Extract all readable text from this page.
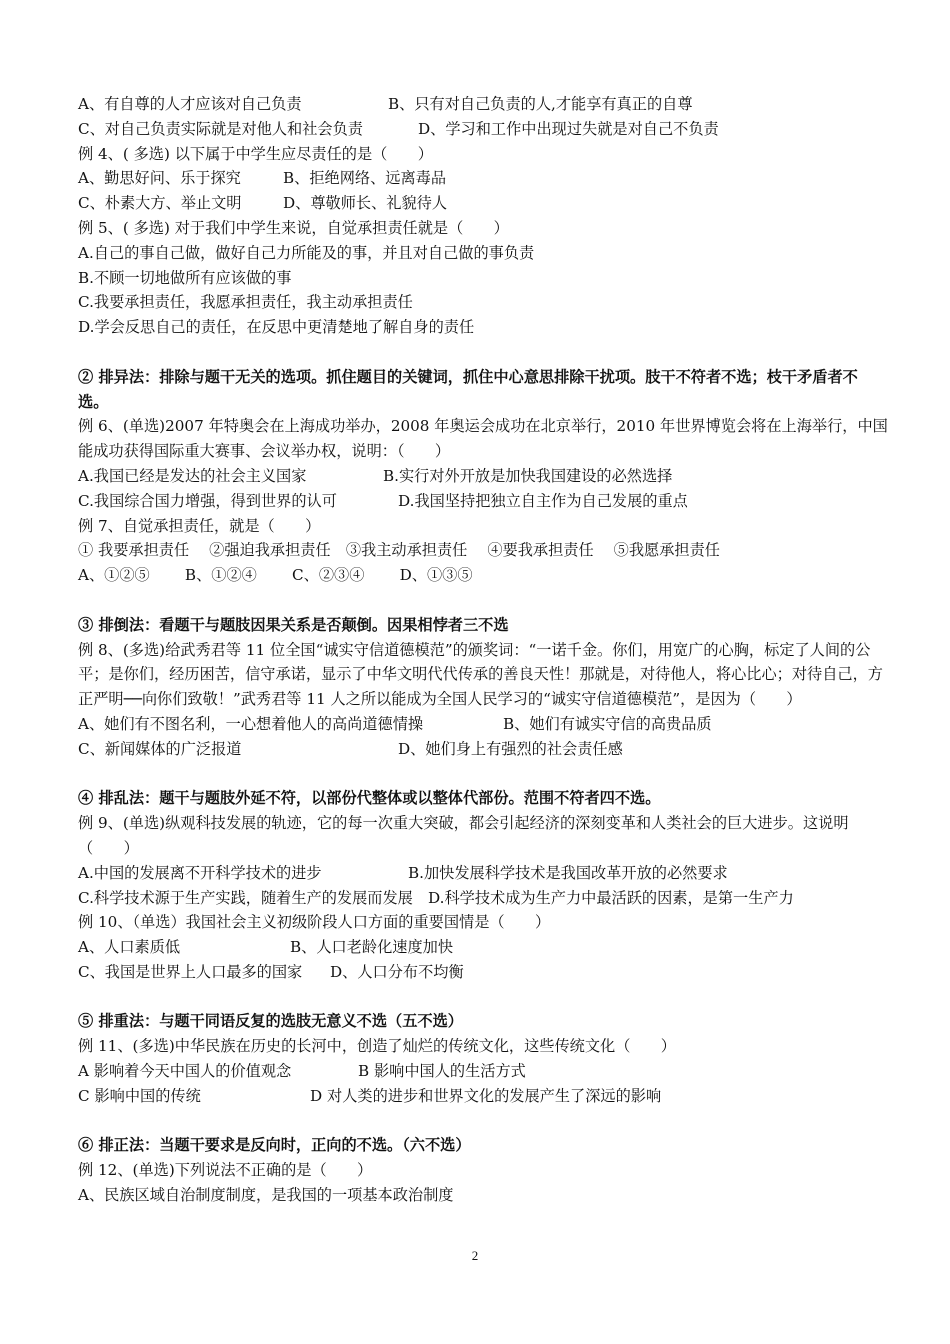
A、有自尊的人才应该对自己负责	B、只有对自己负责的人,才能享有真正的自尊

C、对自己负责实际就是对他人和社会负责	D、学习和工作中出现过失就是对自己不负责

例 4、( 多选) 以下属于中学生应尽责任的是（　　）

A、勤思好问、乐于探究	B、拒绝网络、远离毒品

C、朴素大方、举止文明	D、尊敬师长、礼貌待人

例 5、( 多选) 对于我们中学生来说，自觉承担责任就是（　　）

A.自己的事自己做，做好自己力所能及的事，并且对自己做的事负责

B.不顾一切地做所有应该做的事

C.我要承担责任，我愿承担责任，我主动承担责任

D.学会反思自己的责任，在反思中更清楚地了解自身的责任

② 排异法：排除与题干无关的选项。抓住题目的关键词，抓住中心意思排除干扰项。肢干不符者不选；枝干矛盾者不选。

例 6、(单选)2007 年特奥会在上海成功举办，2008 年奥运会成功在北京举行，2010 年世界博览会将在上海举行，中国能成功获得国际重大赛事、会议举办权，说明：（　　）

A.我国已经是发达的社会主义国家	B.实行对外开放是加快我国建设的必然选择

C.我国综合国力增强，得到世界的认可	D.我国坚持把独立自主作为自己发展的重点

例 7、自觉承担责任，就是（　　）

① 我要承担责任　 ②强迫我承担责任　③我主动承担责任　 ④要我承担责任　 ⑤我愿承担责任

A、①②⑤　　 B、①②④　　 C、②③④　　 D、①③⑤

③ 排倒法：看题干与题肢因果关系是否颠倒。因果相悖者三不选

例 8、(多选)给武秀君等 11 位全国“诚实守信道德模范”的颁奖词：“一诺千金。你们，用宽广的心胸，标定了人间的公平；是你们，经历困苦，信守承诺，显示了中华文明代代传承的善良天性！那就是，对待他人，将心比心；对待自己，方正严明──向你们致敬！”武秀君等 11 人之所以能成为全国人民学习的“诚实守信道德模范”，是因为（　　）

A、她们有不图名利，一心想着他人的高尚道德情操	B、她们有诚实守信的高贵品质

C、新闻媒体的广泛报道	D、她们身上有强烈的社会责任感

④ 排乱法：题干与题肢外延不符，以部份代整体或以整体代部份。范围不符者四不选。

例 9、(单选)纵观科技发展的轨迹，它的每一次重大突破，都会引起经济的深刻变革和人类社会的巨大进步。这说明（　　）

A.中国的发展离不开科学技术的进步	B.加快发展科学技术是我国改革开放的必然要求

C.科学技术源于生产实践，随着生产的发展而发展　D.科学技术成为生产力中最活跃的因素，是第一生产力

例 10、（单选）我国社会主义初级阶段人口方面的重要国情是（　　）

A、人口素质低	B、人口老龄化速度加快

C、我国是世界上人口最多的国家 D、人口分布不均衡

⑤ 排重法：与题干同语反复的选肢无意义不选（五不选）

例 11、(多选)中华民族在历史的长河中，创造了灿烂的传统文化，这些传统文化（　　）

A 影响着今天中国人的价值观念	B 影响中国人的生活方式

C 影响中国的传统	D 对人类的进步和世界文化的发展产生了深远的影响

⑥ 排正法：当题干要求是反向时，正向的不选。（六不选）

例 12、(单选)下列说法不正确的是（　　）

A、民族区域自治制度制度，是我国的一项基本政治制度

2
